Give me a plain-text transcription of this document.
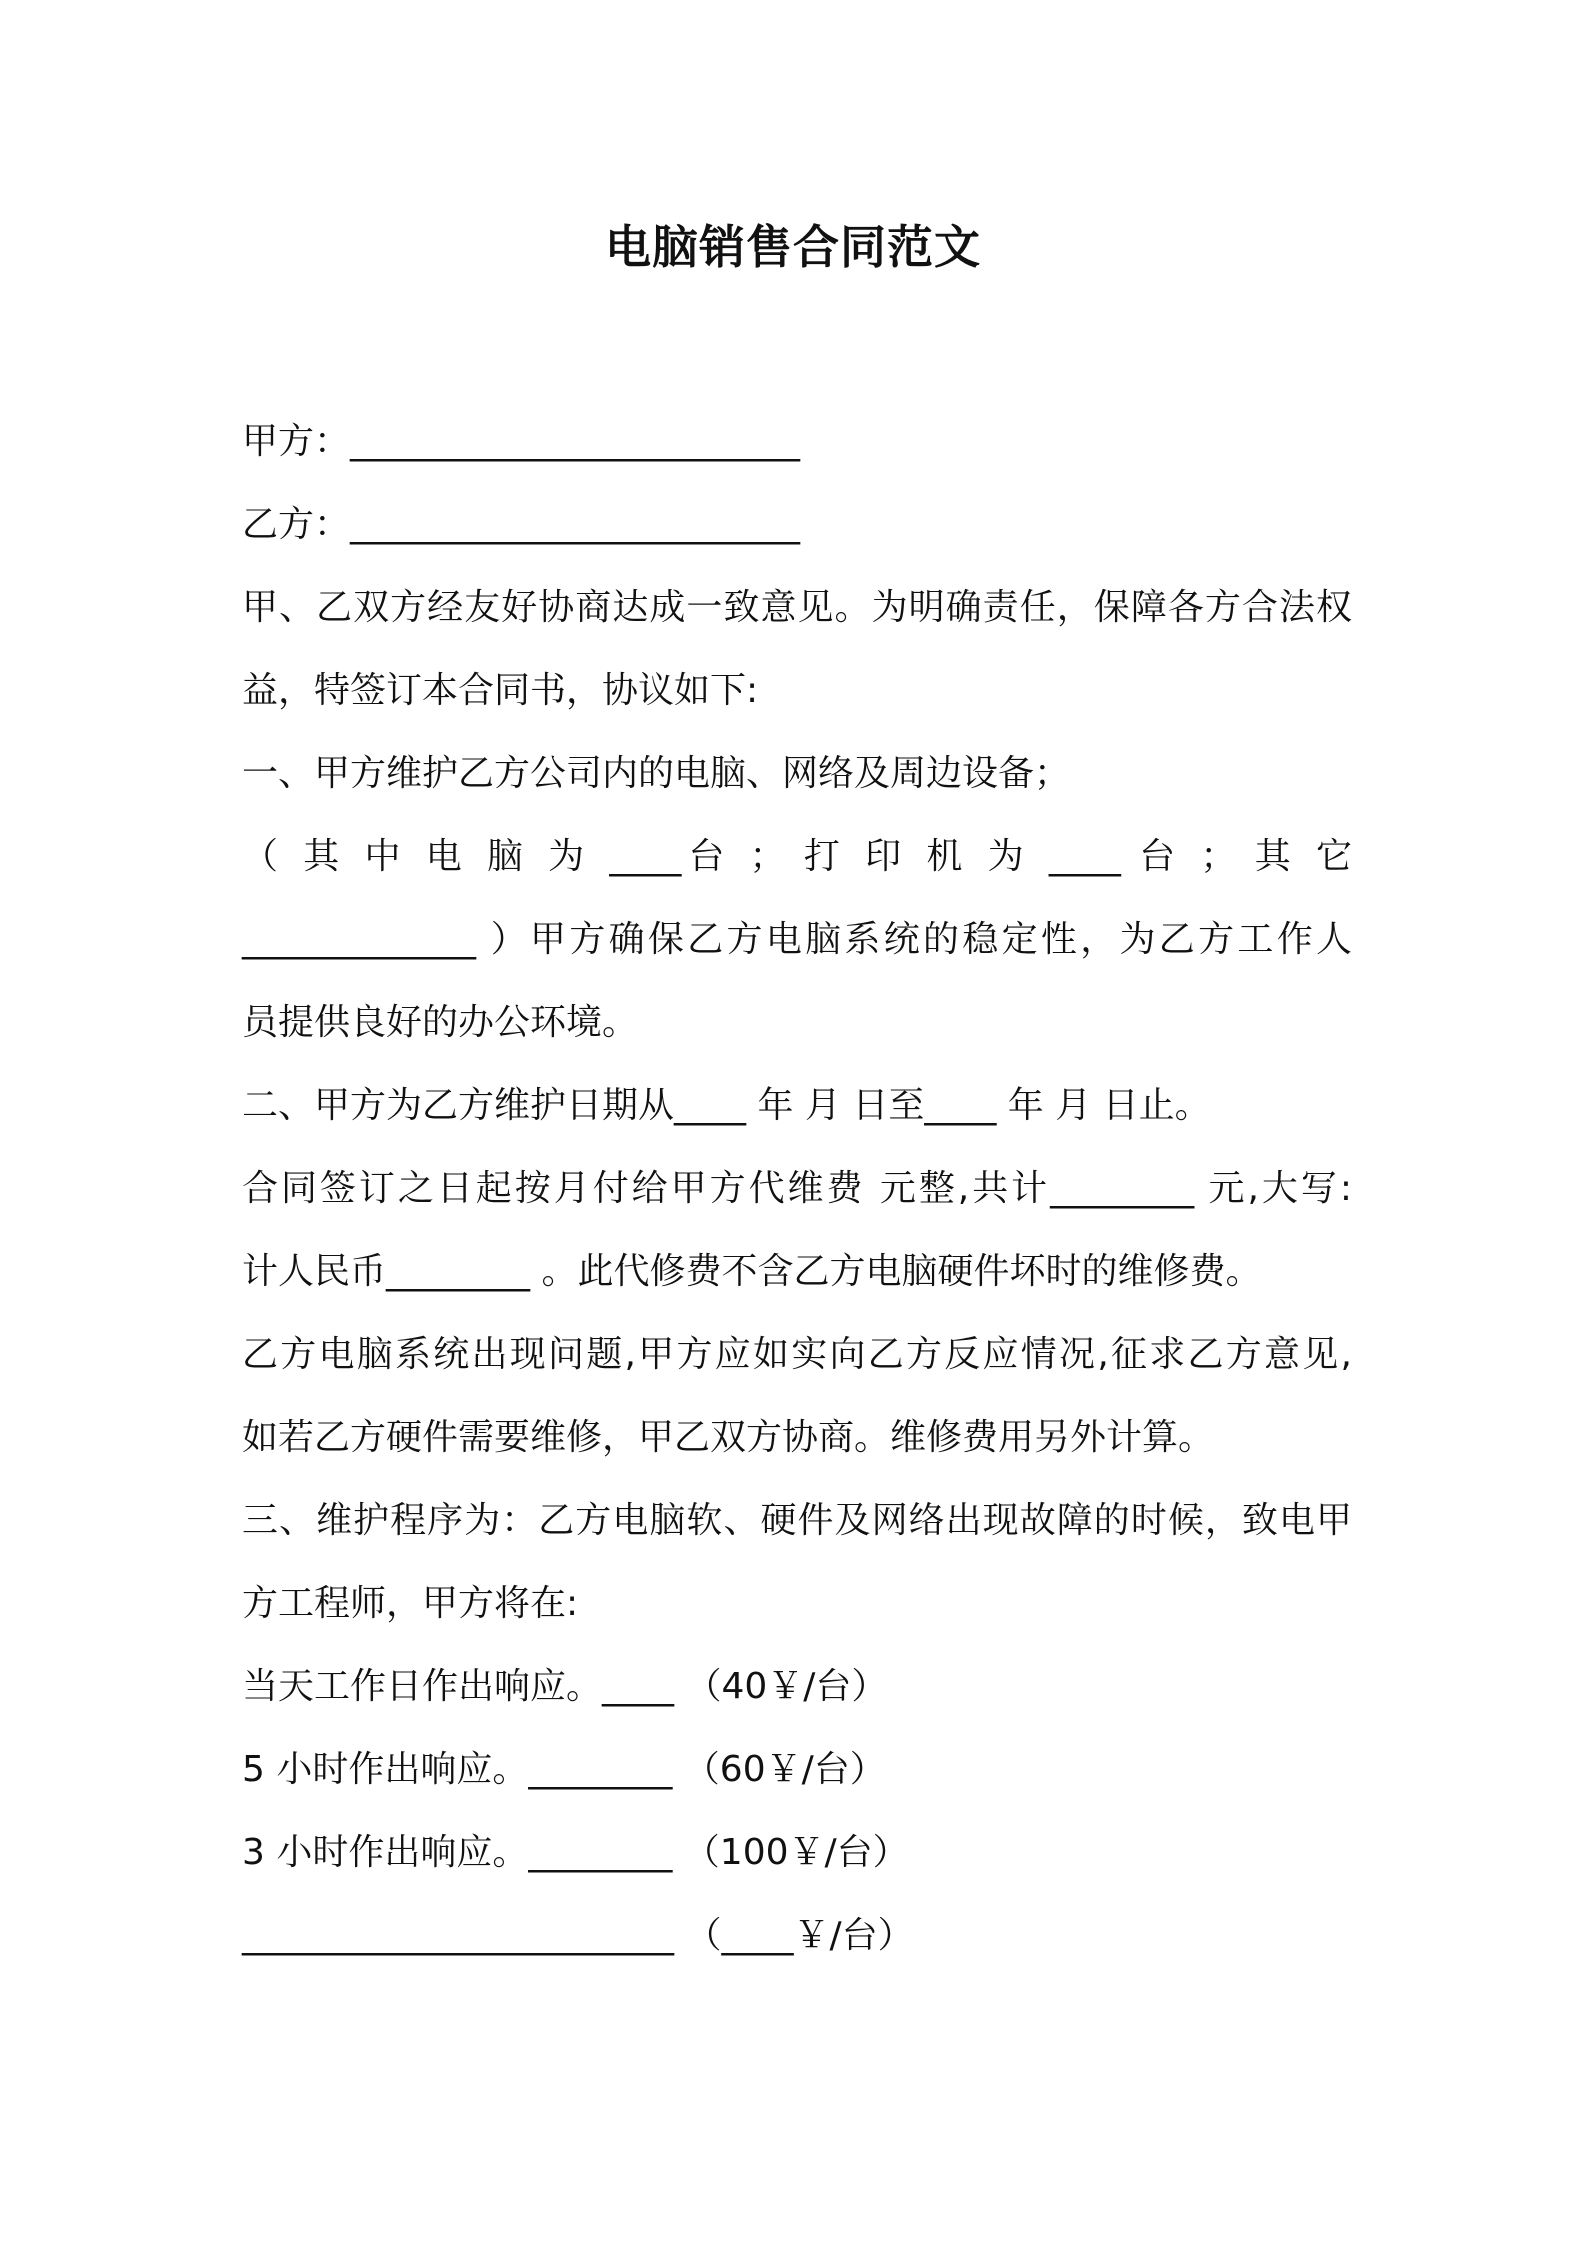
电脑销售合同范文
甲方：_________________________
乙方：_________________________
甲、乙双方经友好协商达成一致意见。为明确责任，保障各方合法权
益，特签订本合同书，协议如下:
一、甲方维护乙方公司内的电脑、网络及周边设备；
（ 其 中 电 脑 为 ____台 ； 打 印 机 为 ____ 台 ； 其 它
_____________ ）甲方确保乙方电脑系统的稳定性，为乙方工作人
员提供良好的办公环境。
二、甲方为乙方维护日期从____ 年 月 日至____ 年 月 日止。
合同签订之日起按月付给甲方代维费 元整,共计________ 元,大写:
计人民币________ 。此代修费不含乙方电脑硬件坏时的维修费。
乙方电脑系统出现问题,甲方应如实向乙方反应情况,征求乙方意见,
如若乙方硬件需要维修，甲乙双方协商。维修费用另外计算。
三、维护程序为：乙方电脑软、硬件及网络出现故障的时候，致电甲
方工程师，甲方将在:
当天工作日作出响应。____ （40￥/台）
5 小时作出响应。________ （60￥/台）
3 小时作出响应。________ （100￥/台）
________________________ （____￥/台）
